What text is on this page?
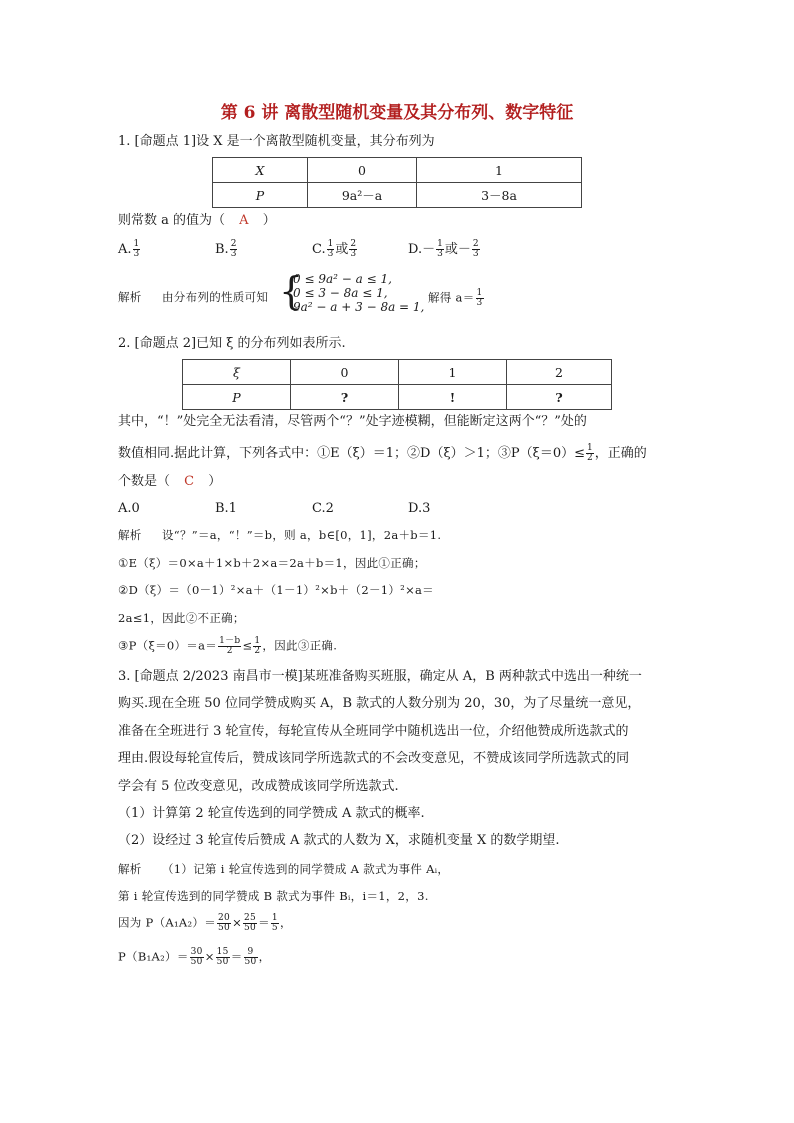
第 6 讲 离散型随机变量及其分布列、数字特征
1. [命题点 1]设 X 是一个离散型随机变量，其分布列为
X	0	1
P	9a²－a	3－8a
则常数 a 的值为（ A ）
A. $\frac{1}{3}$	B. $\frac{2}{3}$	C. $\frac{1}{3}$ 或 $\frac{2}{3}$	$D.- \frac{1}{3}$ 或－ $\frac{2}{3}$
解析 由分布列的性质可知 {
0 ≤ 9a² − a ≤ 1,
0 ≤ 3 − 8a ≤ 1,
9a² − a + 3 − 8a = 1,
解得 $a= \frac{1}{3}$
2. [命题点 2]已知 ξ 的分布列如表所示.
ξ	0	1	2
P	?	!	?
其中，“！”处完全无法看清，尽管两个“？”处字迹模糊，但能断定这两个“？”处的
数值相同.据此计算，下列各式中：①E（ξ）＝1；②D（ξ）＞1；③P（ξ＝0）≤ $\frac{1}{2}$ ，正确的
个数是（ C ）
A.0	B.1	C.2	D.3
解析 设“？”＝a，“！”＝b，则 a，b∈[0，1]，2a＋b＝1.
①E（ξ）＝0×a＋1×b＋2×a＝2a＋b＝1，因此①正确；
②D（ξ）＝（0－1）²×a＋（1－1）²×b＋（2－1）²×a＝
2a≤1，因此②不正确；
③P（ξ＝0）＝a＝ $\frac{1-b}{2} \le \frac{1}{2}$ ，因此③正确.
3. [命题点 2/2023 南昌市一模]某班准备购买班服，确定从 A，B 两种款式中选出一种统一
购买.现在全班 50 位同学赞成购买 A，B 款式的人数分别为 20，30，为了尽量统一意见，
准备在全班进行 3 轮宣传，每轮宣传从全班同学中随机选出一位，介绍他赞成所选款式的
理由.假设每轮宣传后，赞成该同学所选款式的不会改变意见，不赞成该同学所选款式的同
学会有 5 位改变意见，改成赞成该同学所选款式.
（1）计算第 2 轮宣传选到的同学赞成 A 款式的概率.
（2）设经过 3 轮宣传后赞成 A 款式的人数为 X，求随机变量 X 的数学期望.
解析 （1）记第 i 轮宣传选到的同学赞成 A 款式为事件 Aᵢ，
第 i 轮宣传选到的同学赞成 B 款式为事件 Bᵢ，i＝1，2，3.
因为 $P(A_1A_2)= \frac{20}{50} \times \frac{25}{50} = \frac{1}{5}$ ，
$P(B_1A_2)= \frac{30}{50} \times \frac{15}{50} = \frac{9}{50}$ ，
